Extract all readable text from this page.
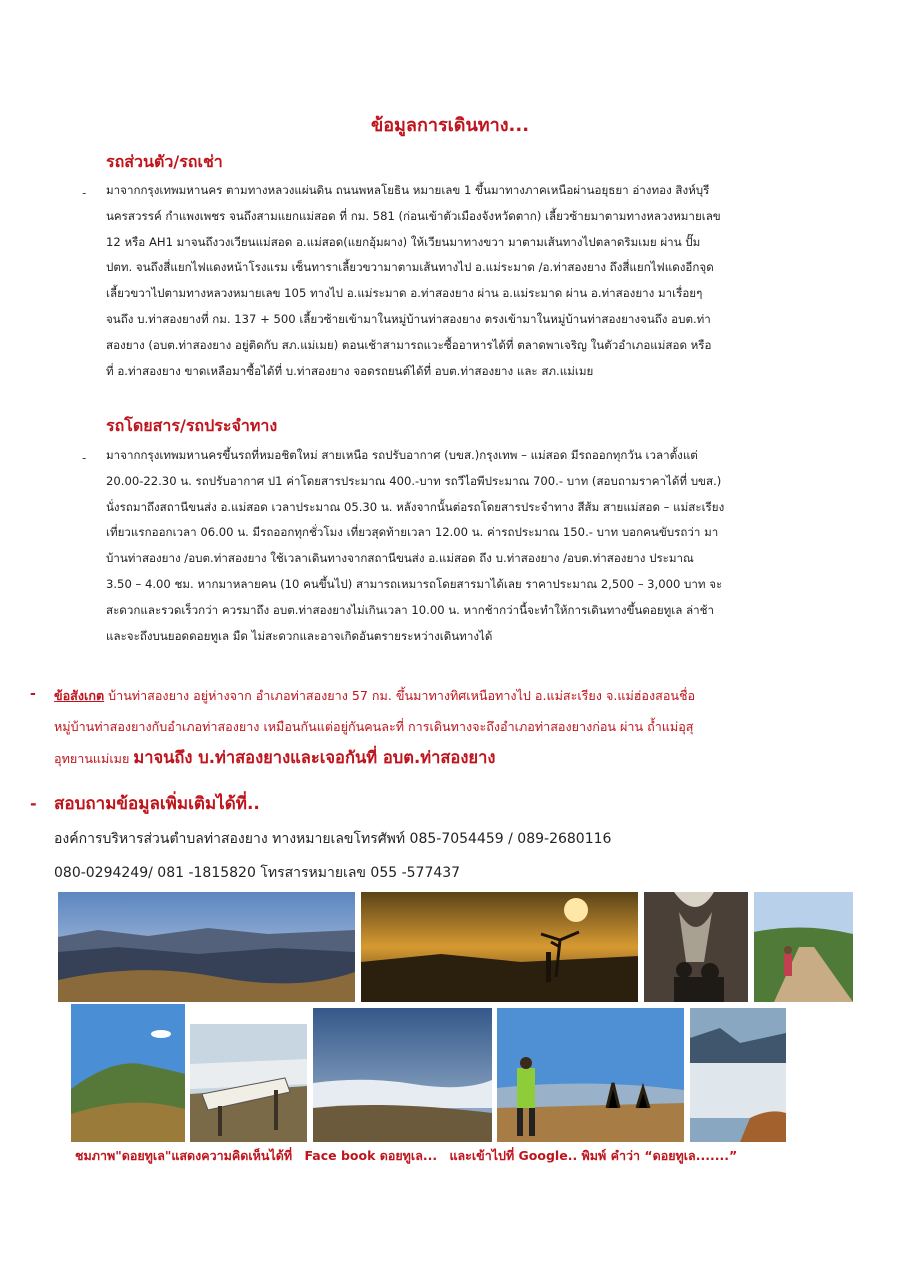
ข้อมูลการเดินทาง...
รถส่วนตัว/รถเช่า
- มาจากกรุงเทพมหานคร ตามทางหลวงแผ่นดิน ถนนพหลโยธิน หมายเลข 1 ขึ้นมาทางภาคเหนือผ่านอยุธยา อ่างทอง สิงห์บุรี
นครสวรรค์ กำแพงเพชร จนถึงสามแยกแม่สอด ที่ กม. 581 (ก่อนเข้าตัวเมืองจังหวัดตาก) เลี้ยวซ้ายมาตามทางหลวงหมายเลข
12 หรือ AH1 มาจนถึงวงเวียนแม่สอด อ.แม่สอด(แยกอุ้มผาง) ให้เวียนมาทางขวา มาตามเส้นทางไปตลาดริมเมย ผ่าน ปั๊ม
ปตท. จนถึงสี่แยกไฟแดงหน้าโรงแรม เซ็นทาราเลี้ยวขวามาตามเส้นทางไป อ.แม่ระมาด /อ.ท่าสองยาง ถึงสี่แยกไฟแดงอีกจุด
เลี้ยวขวาไปตามทางหลวงหมายเลข 105 ทางไป อ.แม่ระมาด อ.ท่าสองยาง ผ่าน อ.แม่ระมาด ผ่าน อ.ท่าสองยาง มาเรื่อยๆ
จนถึง บ.ท่าสองยางที่ กม. 137 + 500 เลี้ยวซ้ายเข้ามาในหมู่บ้านท่าสองยาง ตรงเข้ามาในหมู่บ้านท่าสองยางจนถึง อบต.ท่า
สองยาง (อบต.ท่าสองยาง อยู่ติดกับ สภ.แม่เมย) ตอนเช้าสามารถแวะซื้ออาหารได้ที่ ตลาดพาเจริญ ในตัวอำเภอแม่สอด หรือ
ที่ อ.ท่าสองยาง ขาดเหลือมาซื้อได้ที่ บ.ท่าสองยาง จอดรถยนต์ได้ที่ อบต.ท่าสองยาง และ สภ.แม่เมย
รถโดยสาร/รถประจำทาง
- มาจากกรุงเทพมหานครขึ้นรถที่หมอชิตใหม่ สายเหนือ รถปรับอากาศ (บขส.)กรุงเทพ – แม่สอด มีรถออกทุกวัน เวลาตั้งแต่
20.00-22.30 น. รถปรับอากาศ ป1 ค่าโดยสารประมาณ 400.-บาท รถวีไอพีประมาณ 700.- บาท (สอบถามราคาได้ที่ บขส.)
นั่งรถมาถึงสถานีขนส่ง อ.แม่สอด เวลาประมาณ 05.30 น. หลังจากนั้นต่อรถโดยสารประจำทาง สีส้ม สายแม่สอด – แม่สะเรียง
เที่ยวแรกออกเวลา 06.00 น. มีรถออกทุกชั่วโมง เที่ยวสุดท้ายเวลา 12.00 น. ค่ารถประมาณ 150.- บาท บอกคนขับรถว่า มา
บ้านท่าสองยาง /อบต.ท่าสองยาง ใช้เวลาเดินทางจากสถานีขนส่ง อ.แม่สอด ถึง บ.ท่าสองยาง /อบต.ท่าสองยาง ประมาณ
3.50 – 4.00 ชม. หากมาหลายคน (10 คนขึ้นไป) สามารถเหมารถโดยสารมาได้เลย ราคาประมาณ 2,500 – 3,000 บาท จะ
สะดวกและรวดเร็วกว่า ควรมาถึง อบต.ท่าสองยางไม่เกินเวลา 10.00 น. หากช้ากว่านี้จะทำให้การเดินทางขึ้นดอยทูเล ล่าช้า
และจะถึงบนยอดดอยทูเล มืด ไม่สะดวกและอาจเกิดอันตรายระหว่างเดินทางได้
- ข้อสังเกต บ้านท่าสองยาง อยู่ห่างจาก อำเภอท่าสองยาง 57 กม. ขึ้นมาทางทิศเหนือทางไป อ.แม่สะเรียง จ.แม่ฮ่องสอนชื่อ
หมู่บ้านท่าสองยางกับอำเภอท่าสองยาง เหมือนกันแต่อยู่กันคนละที่ การเดินทางจะถึงอำเภอท่าสองยางก่อน ผ่าน ถ้ำแม่อุสุ
อุทยานแม่เมย มาจนถึง บ.ท่าสองยางและเจอกันที่ อบต.ท่าสองยาง
- สอบถามข้อมูลเพิ่มเติมได้ที่..
องค์การบริหารส่วนตำบลท่าสองยาง ทางหมายเลขโทรศัพท์ 085-7054459 / 089-2680116
080-0294249/ 081 -1815820 โทรสารหมายเลข 055 -577437
ชมภาพ"ดอยทูเล"แสดงความคิดเห็นได้ที่ Face book ดอยทูเล... และเข้าไปที่ Google.. พิมพ์ คำว่า “ดอยทูเล.......”
